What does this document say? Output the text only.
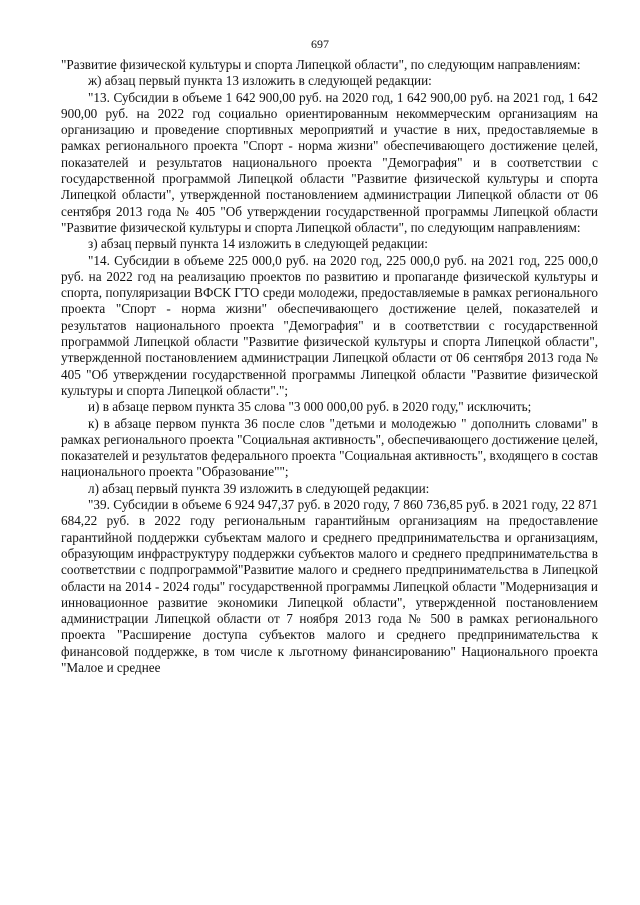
697

"Развитие физической культуры и спорта Липецкой области", по следующим направлениям:

ж) абзац первый пункта 13 изложить в следующей редакции:

"13. Субсидии в объеме 1 642 900,00 руб. на 2020 год, 1 642 900,00 руб. на 2021 год, 1 642 900,00 руб. на 2022 год социально ориентированным некоммерческим организациям на организацию и проведение спортивных мероприятий и участие в них, предоставляемые в рамках регионального проекта "Спорт - норма жизни" обеспечивающего достижение целей, показателей и результатов национального проекта "Демография" и в соответствии с государственной программой Липецкой области "Развитие физической культуры и спорта Липецкой области", утвержденной постановлением администрации Липецкой области от 06 сентября 2013 года № 405 "Об утверждении государственной программы Липецкой области "Развитие физической культуры и спорта Липецкой области", по следующим направлениям:

з) абзац первый пункта 14 изложить в следующей редакции:

"14. Субсидии в объеме 225 000,0 руб. на 2020 год, 225 000,0 руб. на 2021 год, 225 000,0 руб. на 2022 год на реализацию проектов по развитию и пропаганде физической культуры и спорта, популяризации ВФСК ГТО среди молодежи, предоставляемые в рамках регионального проекта "Спорт - норма жизни" обеспечивающего достижение целей, показателей и результатов национального проекта "Демография" и в соответствии с государственной программой Липецкой области "Развитие физической культуры и спорта Липецкой области", утвержденной постановлением администрации Липецкой области от 06 сентября 2013 года № 405 "Об утверждении государственной программы Липецкой области "Развитие физической культуры и спорта Липецкой области".";

и) в абзаце первом пункта 35 слова "3 000 000,00 руб. в 2020 году," исключить;

к) в абзаце первом пункта 36 после слов "детьми и молодежью " дополнить словами" в рамках регионального проекта "Социальная активность", обеспечивающего достижение целей, показателей и результатов федерального проекта "Социальная активность", входящего в состав национального проекта "Образование"";

л) абзац первый пункта 39 изложить в следующей редакции:

"39. Субсидии в объеме 6 924 947,37 руб. в 2020 году, 7 860 736,85 руб. в 2021 году, 22 871 684,22 руб. в 2022 году региональным гарантийным организациям на предоставление гарантийной поддержки субъектам малого и среднего предпринимательства и организациям, образующим инфраструктуру поддержки субъектов малого и среднего предпринимательства в соответствии с подпрограммой"Развитие малого и среднего предпринимательства в Липецкой области на 2014 - 2024 годы" государственной программы Липецкой области "Модернизация и инновационное развитие экономики Липецкой области", утвержденной постановлением администрации Липецкой области от 7 ноября 2013 года № 500 в рамках регионального проекта "Расширение доступа субъектов малого и среднего предпринимательства к финансовой поддержке, в том числе к льготному финансированию" Национального проекта "Малое и среднее
